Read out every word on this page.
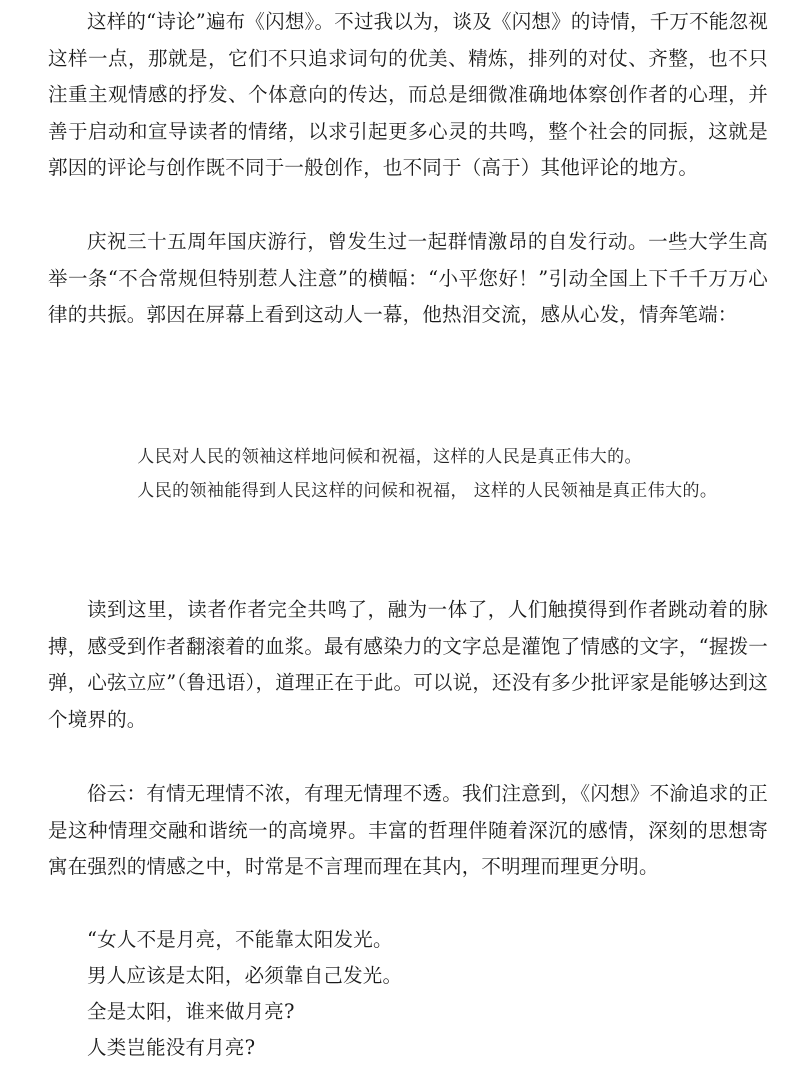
这样的“诗论”遍布《闪想》。不过我以为，谈及《闪想》的诗情，千万不能忽视这样一点，那就是，它们不只追求词句的优美、精炼，排列的对仗、齐整，也不只注重主观情感的抒发、个体意向的传达，而总是细微准确地体察创作者的心理，并善于启动和宣导读者的情绪，以求引起更多心灵的共鸣，整个社会的同振，这就是郭因的评论与创作既不同于一般创作，也不同于（高于）其他评论的地方。

庆祝三十五周年国庆游行，曾发生过一起群情激昂的自发行动。一些大学生高举一条“不合常规但特别惹人注意”的横幅：“小平您好！”引动全国上下千千万万心律的共振。郭因在屏幕上看到这动人一幕，他热泪交流，感从心发，情奔笔端：

人民对人民的领袖这样地问候和祝福，这样的人民是真正伟大的。

人民的领袖能得到人民这样的问候和祝福， 这样的人民领袖是真正伟大的。

读到这里，读者作者完全共鸣了，融为一体了，人们触摸得到作者跳动着的脉搏，感受到作者翻滚着的血浆。最有感染力的文字总是灌饱了情感的文字，“握拨一弹，心弦立应”（鲁迅语），道理正在于此。可以说，还没有多少批评家是能够达到这个境界的。

俗云：有情无理情不浓，有理无情理不透。我们注意到，《闪想》不渝追求的正是这种情理交融和谐统一的高境界。丰富的哲理伴随着深沉的感情，深刻的思想寄寓在强烈的情感之中，时常是不言理而理在其内，不明理而理更分明。

“女人不是月亮，不能靠太阳发光。

男人应该是太阳，必须靠自己发光。

全是太阳，谁来做月亮?

人类岂能没有月亮?
